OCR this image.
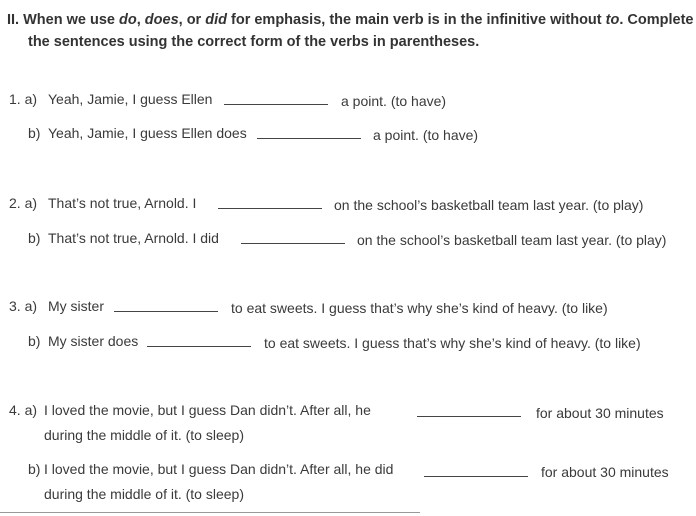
II. When we use do, does, or did for emphasis, the main verb is in the infinitive without to. Complete
the sentences using the correct form of the verbs in parentheses.
1. a) Yeah, Jamie, I guess Ellen	a point. (to have)
b) Yeah, Jamie, I guess Ellen does	a point. (to have)
2. a) That’s not true, Arnold. I	on the school’s basketball team last year. (to play)
b) That’s not true, Arnold. I did	on the school’s basketball team last year. (to play)
3. a) My sister	to eat sweets. I guess that’s why she’s kind of heavy. (to like)
b) My sister does	to eat sweets. I guess that’s why she’s kind of heavy. (to like)
4. a) I loved the movie, but I guess Dan didn’t. After all, he	for about 30 minutes
during the middle of it. (to sleep)
b) I loved the movie, but I guess Dan didn’t. After all, he did	for about 30 minutes
during the middle of it. (to sleep)
